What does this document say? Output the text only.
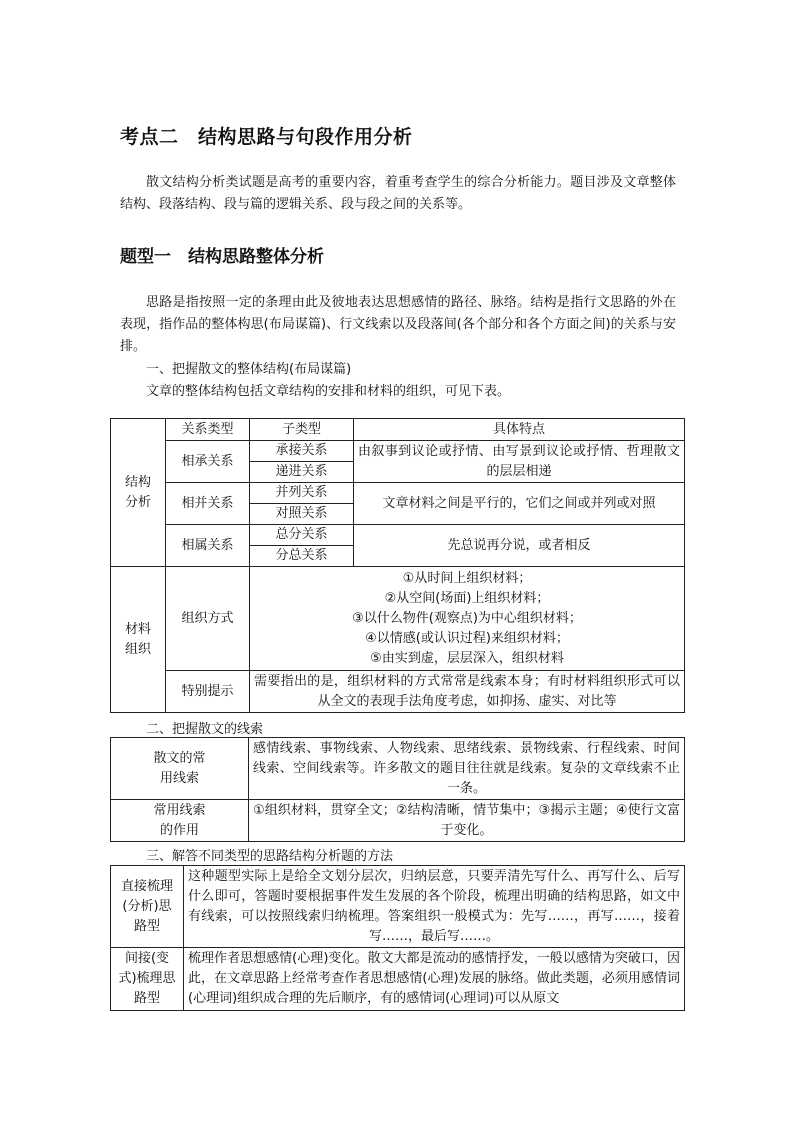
考点二　结构思路与句段作用分析
散文结构分析类试题是高考的重要内容，着重考查学生的综合分析能力。题目涉及文章整体结构、段落结构、段与篇的逻辑关系、段与段之间的关系等。
题型一　结构思路整体分析
思路是指按照一定的条理由此及彼地表达思想感情的路径、脉络。结构是指行文思路的外在表现，指作品的整体构思(布局谋篇)、行文线索以及段落间(各个部分和各个方面之间)的关系与安排。
一、把握散文的整体结构(布局谋篇)
文章的整体结构包括文章结构的安排和材料的组织，可见下表。
结构分析	关系类型	子类型	具体特点
	相承关系	承接关系	由叙事到议论或抒情、由写景到议论或抒情、哲理散文的层层相递
		递进关系	
	相并关系	并列关系	文章材料之间是平行的，它们之间或并列或对照
		对照关系	
	相属关系	总分关系	先总说再分说，或者相反
		分总关系	

材料组织	组织方式	①从时间上组织材料；
②从空间(场面)上组织材料；
③以什么物件(观察点)为中心组织材料；
④以情感(或认识过程)来组织材料；
⑤由实到虚，层层深入，组织材料	

	特别提示	需要指出的是，组织材料的方式常常是线索本身；有时材料组织形式可以从全文的表现手法角度考虑，如抑扬、虚实、对比等	
二、把握散文的线索
散文的常用线索	感情线索、事物线索、人物线索、思绪线索、景物线索、行程线索、时间线索、空间线索等。许多散文的题目往往就是线索。复杂的文章线索不止一条。

常用线索的作用	①组织材料，贯穿全文；②结构清晰，情节集中；③揭示主题；④使行文富于变化。
三、解答不同类型的思路结构分析题的方法
直接梳理(分析)思路型	这种题型实际上是给全文划分层次，归纳层意，只要弄清先写什么、再写什么、后写什么即可，答题时要根据事件发生发展的各个阶段，梳理出明确的结构思路，如文中有线索，可以按照线索归纳梳理。答案组织一般模式为：先写……，再写……，接着写……，最后写……。

间接(变式)梳理思路型	梳理作者思想感情(心理)变化。散文大都是流动的感情抒发，一般以感情为突破口，因此，在文章思路上经常考查作者思想感情(心理)发展的脉络。做此类题，必须用感情词(心理词)组织成合理的先后顺序，有的感情词(心理词)可以从原文
